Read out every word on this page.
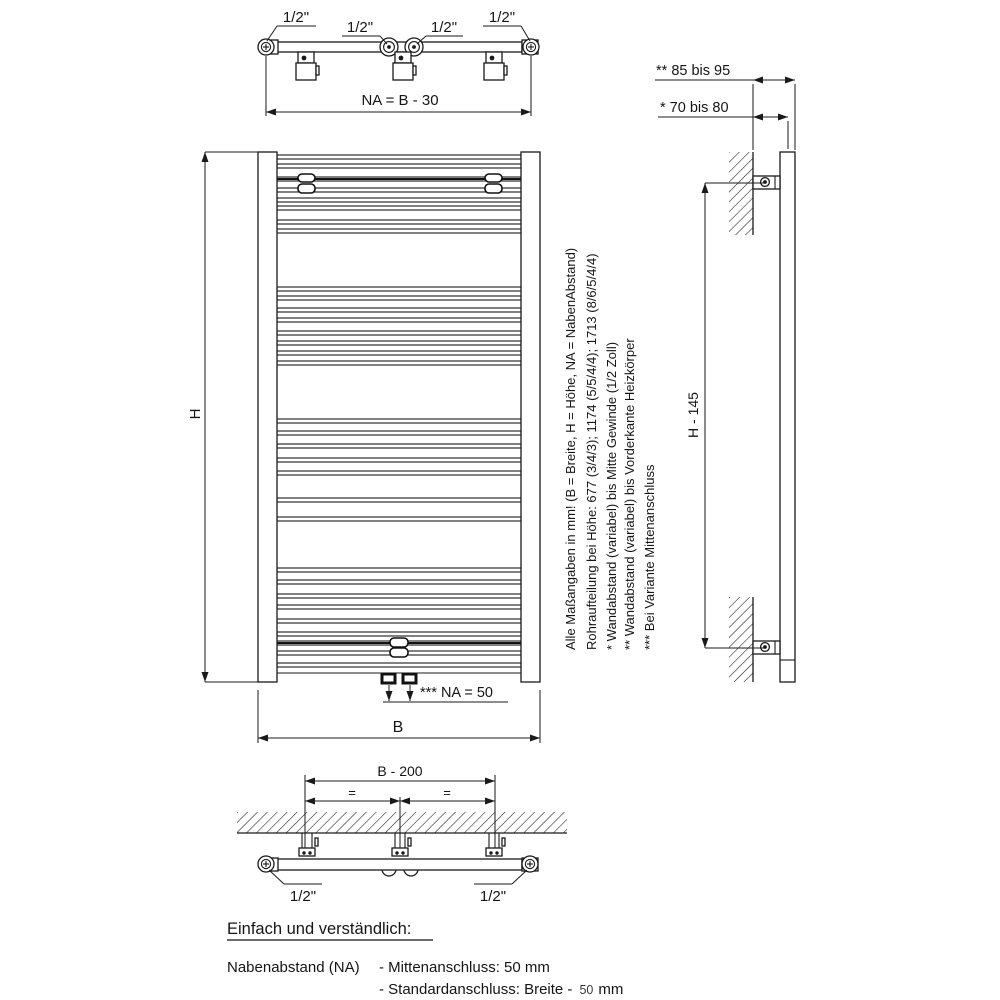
1/2"
1/2"	1/2"
1/2"
NA = B - 30
H
*** NA = 50
B
Alle Maßangaben in mm! (B = Breite, H = Höhe, NA = NabenAbstand) Rohraufteilung bei Höhe: 677 (3/4/3); 1174 (5/5/4/4); 1713 (8/6/5/4/4) * Wandabstand (variabel) bis Mitte Gewinde (1/2 Zoll) ** Wandabstand (variabel) bis Vorderkante Heizkörper *** Bei Variante Mittenanschluss
** 85 bis 95
* 70 bis 80
H - 145
B - 200
=	=
1/2"	1/2"
Einfach und verständlich:
Nabenabstand (NA) - Mittenanschluss: 50 mm
- Standardanschluss: Breite - 50 mm
